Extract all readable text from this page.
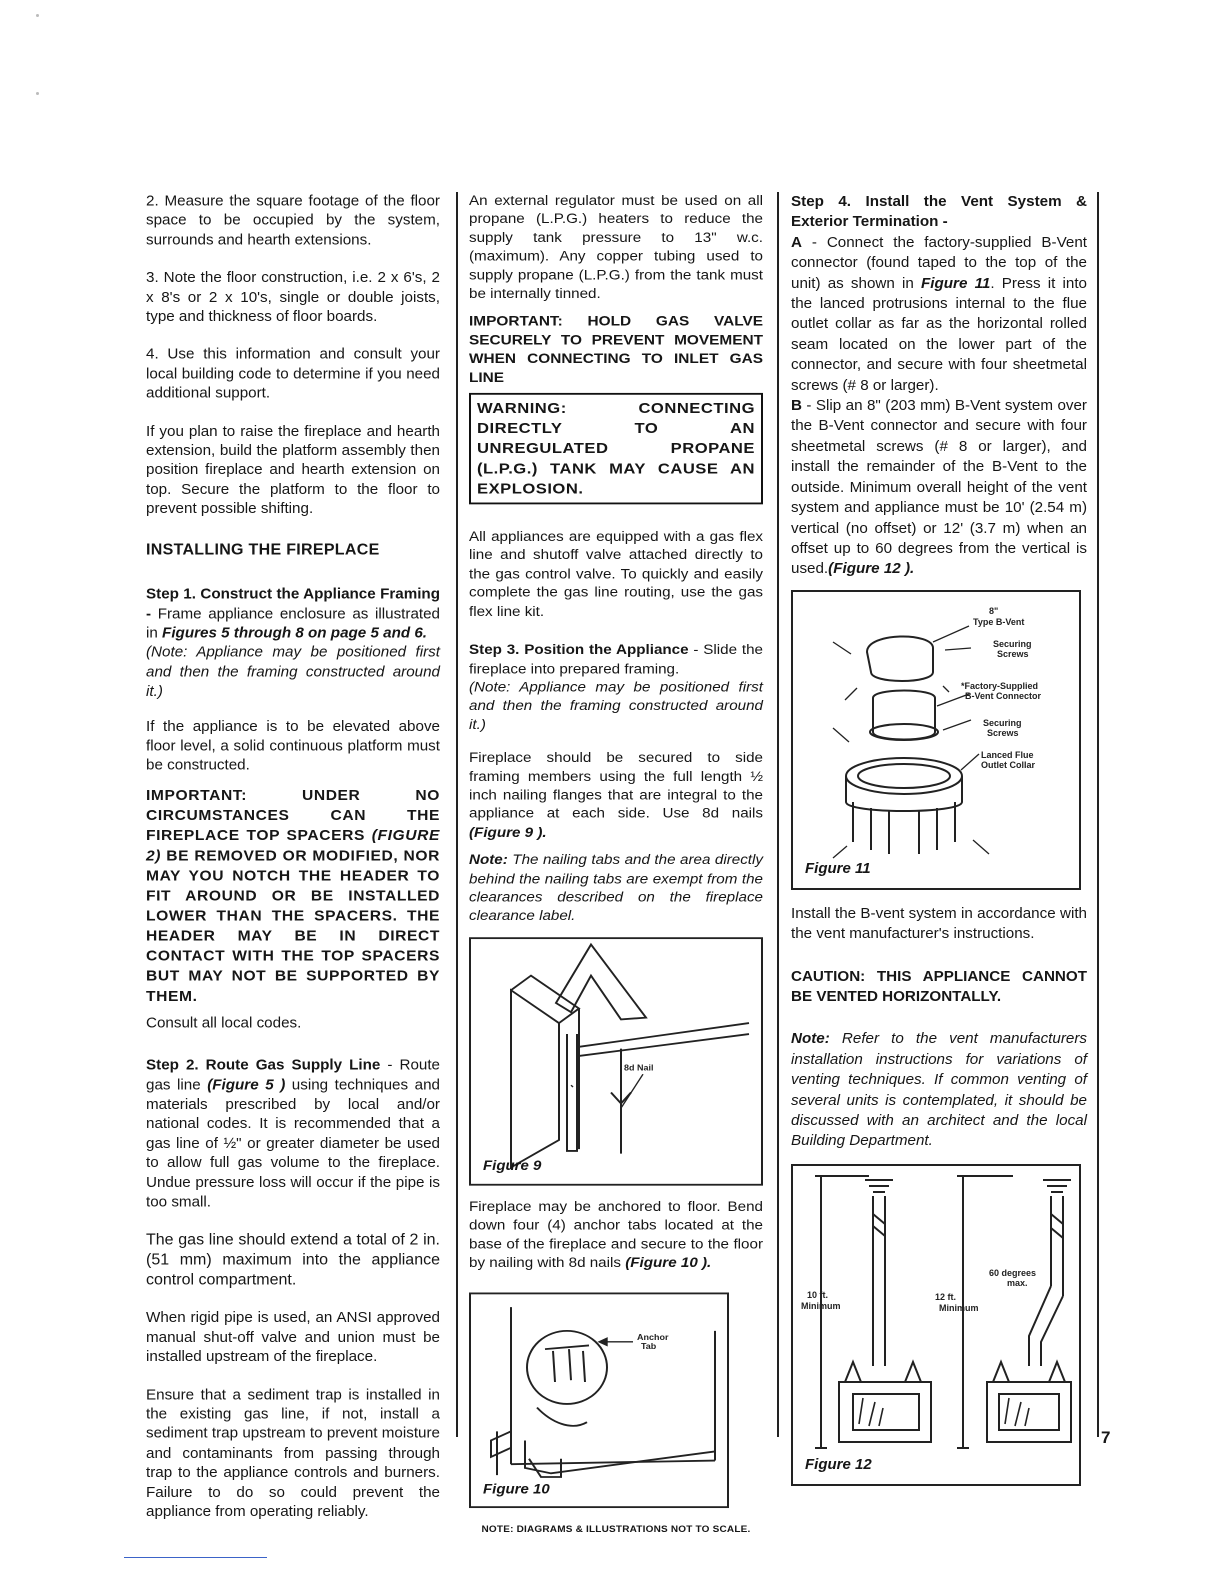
2. Measure the square footage of the floor space to be occupied by the system, surrounds and hearth extensions.

3. Note the floor construction, i.e. 2 x 6's, 2 x 8's or 2 x 10's, single or double joists, type and thickness of floor boards.

4. Use this information and consult your local building code to determine if you need additional support.

If you plan to raise the fireplace and hearth extension, build the platform assembly then position fireplace and hearth extension on top. Secure the platform to the floor to prevent possible shifting.

INSTALLING THE FIREPLACE

Step 1. Construct the Appliance Framing - Frame appliance enclosure as illustrated in Figures 5 through 8 on page 5 and 6.
(Note: Appliance may be positioned first and then the framing constructed around it.)

If the appliance is to be elevated above floor level, a solid continuous platform must be constructed.

IMPORTANT: UNDER NO CIRCUMSTANCES CAN THE FIREPLACE TOP SPACERS (FIGURE 2) BE REMOVED OR MODIFIED, NOR MAY YOU NOTCH THE HEADER TO FIT AROUND OR BE INSTALLED LOWER THAN THE SPACERS. THE HEADER MAY BE IN DIRECT CONTACT WITH THE TOP SPACERS BUT MAY NOT BE SUPPORTED BY THEM.

Consult all local codes.

Step 2. Route Gas Supply Line - Route gas line (Figure 5 ) using techniques and materials prescribed by local and/or national codes. It is recommended that a gas line of ½" or greater diameter be used to allow full gas volume to the fireplace. Undue pressure loss will occur if the pipe is too small.

The gas line should extend a total of 2 in. (51 mm) maximum into the appliance control compartment.

When rigid pipe is used, an ANSI approved manual shut-off valve and union must be installed upstream of the fireplace.

Ensure that a sediment trap is installed in the existing gas line, if not, install a sediment trap upstream to prevent moisture and contaminants from passing through trap to the appliance controls and burners. Failure to do so could prevent the appliance from operating reliably.

An external regulator must be used on all propane (L.P.G.) heaters to reduce the supply tank pressure to 13" w.c. (maximum). Any copper tubing used to supply propane (L.P.G.) from the tank must be internally tinned.

IMPORTANT: HOLD GAS VALVE SECURELY TO PREVENT MOVEMENT WHEN CONNECTING TO INLET GAS LINE

WARNING: CONNECTING DIRECTLY TO AN UNREGULATED PROPANE (L.P.G.) TANK MAY CAUSE AN EXPLOSION.

All appliances are equipped with a gas flex line and shutoff valve attached directly to the gas control valve. To quickly and easily complete the gas line routing, use the gas flex line kit.

Step 3. Position the Appliance - Slide the fireplace into prepared framing.
(Note: Appliance may be positioned first and then the framing constructed around it.)

Fireplace should be secured to side framing members using the full length ½ inch nailing flanges that are integral to the appliance at each side. Use 8d nails (Figure 9 ).

Note: The nailing tabs and the area directly behind the nailing tabs are exempt from the clearances described on the fireplace clearance label.

8d Nail
Figure 9

Fireplace may be anchored to floor. Bend down four (4) anchor tabs located at the base of the fireplace and secure to the floor by nailing with 8d nails (Figure 10 ).

Anchor
Tab
Figure 10
NOTE: DIAGRAMS & ILLUSTRATIONS NOT TO SCALE.

Step 4. Install the Vent System & Exterior Termination -

A - Connect the factory-supplied B-Vent connector (found taped to the top of the unit) as shown in Figure 11. Press it into the lanced protrusions internal to the flue outlet collar as far as the horizontal rolled seam located on the lower part of the connector, and secure with four sheetmetal screws (# 8 or larger).

B - Slip an 8" (203 mm) B-Vent system over the B-Vent connector and secure with four sheetmetal screws (# 8 or larger), and install the remainder of the B-Vent to the outside. Minimum overall height of the vent system and appliance must be 10' (2.54 m) vertical (no offset) or 12' (3.7 m) when an offset up to 60 degrees from the vertical is used.(Figure 12 ).

8"
Type B-Vent
Securing
Screws
*Factory-Supplied
B-Vent Connector
Securing
Screws
Lanced Flue
Outlet Collar
Figure 11

Install the B-vent system in accordance with the vent manufacturer's instructions.

CAUTION: THIS APPLIANCE CANNOT BE VENTED HORIZONTALLY.

Note: Refer to the vent manufacturers installation instructions for variations of venting techniques. If common venting of several units is contemplated, it should be discussed with an architect and the local Building Department.

10 ft.
Minimum
12 ft.
Minimum
60 degrees
max.
Figure 12
7
